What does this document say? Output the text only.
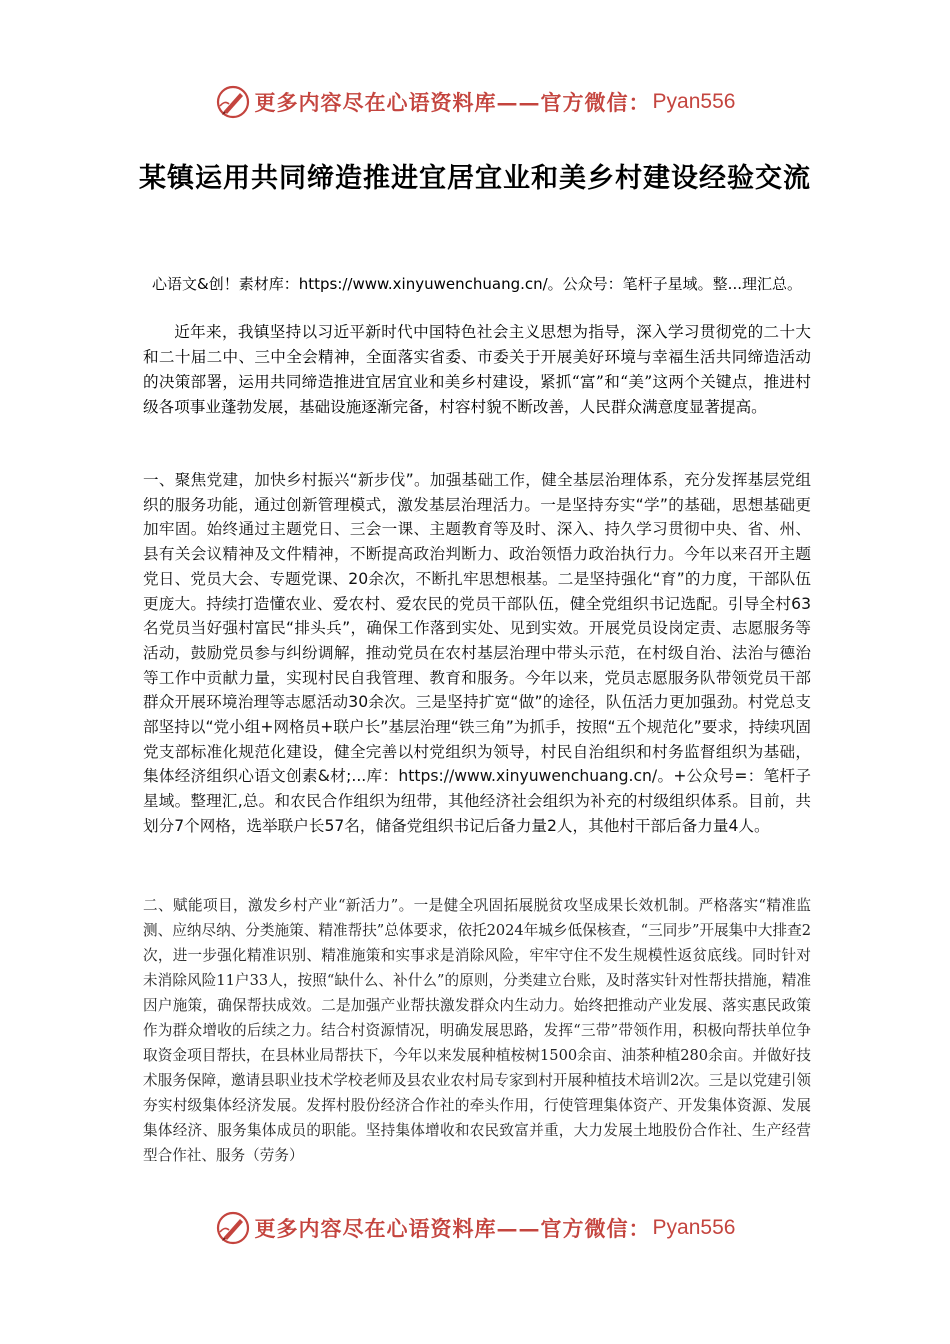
更多内容尽在心语资料库——官方微信： Pyan556
某镇运用共同缔造推进宜居宜业和美乡村建设经验交流
心语文&创！素材库：https://www.xinyuwenchuang.cn/。公众号：笔杆子星域。整...理汇总。
近年来，我镇坚持以习近平新时代中国特色社会主义思想为指导，深入学习贯彻党的二十大和二十届二中、三中全会精神，全面落实省委、市委关于开展美好环境与幸福生活共同缔造活动的决策部署，运用共同缔造推进宜居宜业和美乡村建设，紧抓“富”和“美”这两个关键点，推进村级各项事业蓬勃发展，基础设施逐渐完备，村容村貌不断改善，人民群众满意度显著提高。
一、聚焦党建，加快乡村振兴“新步伐”。加强基础工作，健全基层治理体系，充分发挥基层党组织的服务功能，通过创新管理模式，激发基层治理活力。一是坚持夯实“学”的基础，思想基础更加牢固。始终通过主题党日、三会一课、主题教育等及时、深入、持久学习贯彻中央、省、州、县有关会议精神及文件精神，不断提高政治判断力、政治领悟力政治执行力。今年以来召开主题党日、党员大会、专题党课、20余次，不断扎牢思想根基。二是坚持强化“育”的力度，干部队伍更庞大。持续打造懂农业、爱农村、爱农民的党员干部队伍，健全党组织书记选配。引导全村63名党员当好强村富民“排头兵”，确保工作落到实处、见到实效。开展党员设岗定责、志愿服务等活动，鼓励党员参与纠纷调解，推动党员在农村基层治理中带头示范，在村级自治、法治与德治等工作中贡献力量，实现村民自我管理、教育和服务。今年以来，党员志愿服务队带领党员干部群众开展环境治理等志愿活动30余次。三是坚持扩宽“做”的途径，队伍活力更加强劲。村党总支部坚持以“党小组+网格员+联户长”基层治理“铁三角”为抓手，按照“五个规范化”要求，持续巩固党支部标准化规范化建设，健全完善以村党组织为领导，村民自治组织和村务监督组织为基础，集体经济组织心语文创素&材;...库：https://www.xinyuwenchuang.cn/。+公众号=：笔杆子星域。整理汇,总。和农民合作组织为纽带，其他经济社会组织为补充的村级组织体系。目前，共划分7个网格，选举联户长57名，储备党组织书记后备力量2人，其他村干部后备力量4人。
二、赋能项目，激发乡村产业“新活力”。一是健全巩固拓展脱贫攻坚成果长效机制。严格落实“精准监测、应纳尽纳、分类施策、精准帮扶”总体要求，依托2024年城乡低保核查，“三同步”开展集中大排查2次，进一步强化精准识别、精准施策和实事求是消除风险，牢牢守住不发生规模性返贫底线。同时针对未消除风险11户33人，按照“缺什么、补什么”的原则，分类建立台账，及时落实针对性帮扶措施，精准因户施策，确保帮扶成效。二是加强产业帮扶激发群众内生动力。始终把推动产业发展、落实惠民政策作为群众增收的后续之力。结合村资源情况，明确发展思路，发挥“三带”带领作用，积极向帮扶单位争取资金项目帮扶，在县林业局帮扶下，今年以来发展种植桉树1500余亩、油茶种植280余亩。并做好技术服务保障，邀请县职业技术学校老师及县农业农村局专家到村开展种植技术培训2次。三是以党建引领夯实村级集体经济发展。发挥村股份经济合作社的牵头作用，行使管理集体资产、开发集体资源、发展集体经济、服务集体成员的职能。坚持集体增收和农民致富并重，大力发展土地股份合作社、生产经营型合作社、服务（劳务）
更多内容尽在心语资料库——官方微信： Pyan556
